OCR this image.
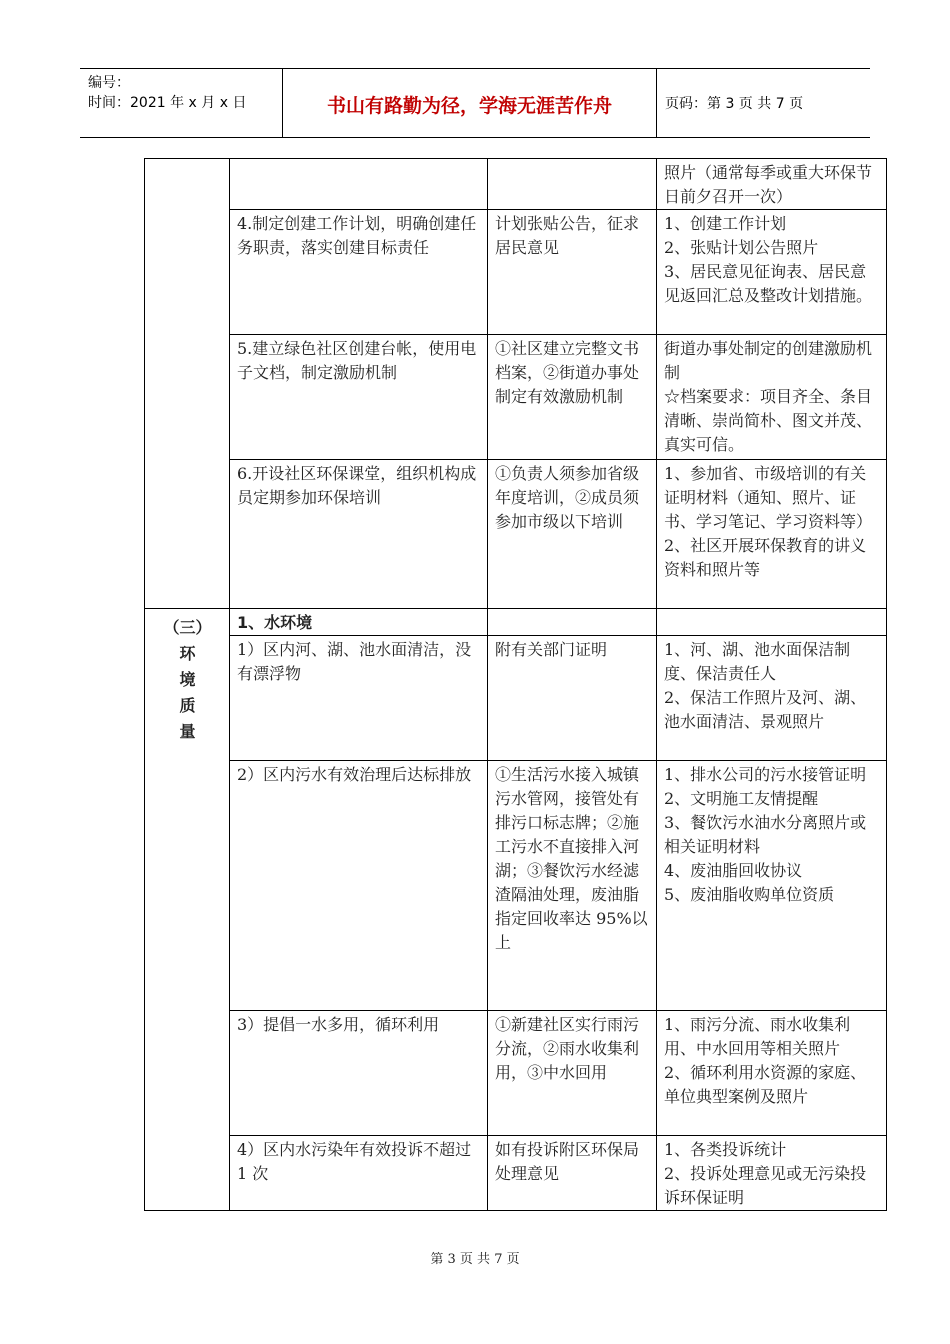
编号：
时间：2021 年 x 月 x 日	书山有路勤为径，学海无涯苦作舟	页码：第 3 页 共 7 页
			照片（通常每季或重大环保节日前夕召开一次）
	4.制定创建工作计划，明确创建任务职责，落实创建目标责任	计划张贴公告，征求居民意见	1、创建工作计划
2、张贴计划公告照片
3、居民意见征询表、居民意见返回汇总及整改计划措施。
	5.建立绿色社区创建台帐，使用电子文档，制定激励机制	①社区建立完整文书档案，②街道办事处制定有效激励机制	街道办事处制定的创建激励机制
☆档案要求：项目齐全、条目清晰、崇尚简朴、图文并茂、真实可信。
	6.开设社区环保课堂，组织机构成员定期参加环保培训	①负责人须参加省级年度培训，②成员须参加市级以下培训	1、参加省、市级培训的有关证明材料（通知、照片、证书、学习笔记、学习资料等）
2、社区开展环保教育的讲义资料和照片等
（三）
环
境
质
量	1、水环境		
	1）区内河、湖、池水面清洁，没有漂浮物	附有关部门证明	1、河、湖、池水面保洁制度、保洁责任人
2、保洁工作照片及河、湖、池水面清洁、景观照片
	2）区内污水有效治理后达标排放	①生活污水接入城镇污水管网，接管处有排污口标志牌；②施工污水不直接排入河湖；③餐饮污水经滤渣隔油处理，废油脂指定回收率达 95%以上	1、排水公司的污水接管证明
2、文明施工友情提醒
3、餐饮污水油水分离照片或相关证明材料
4、废油脂回收协议
5、废油脂收购单位资质
	3）提倡一水多用，循环利用	①新建社区实行雨污分流，②雨水收集利用，③中水回用	1、雨污分流、雨水收集利用、中水回用等相关照片
2、循环利用水资源的家庭、单位典型案例及照片
	4）区内水污染年有效投诉不超过 1 次	如有投诉附区环保局处理意见	1、各类投诉统计
2、投诉处理意见或无污染投诉环保证明
第 3 页 共 7 页
